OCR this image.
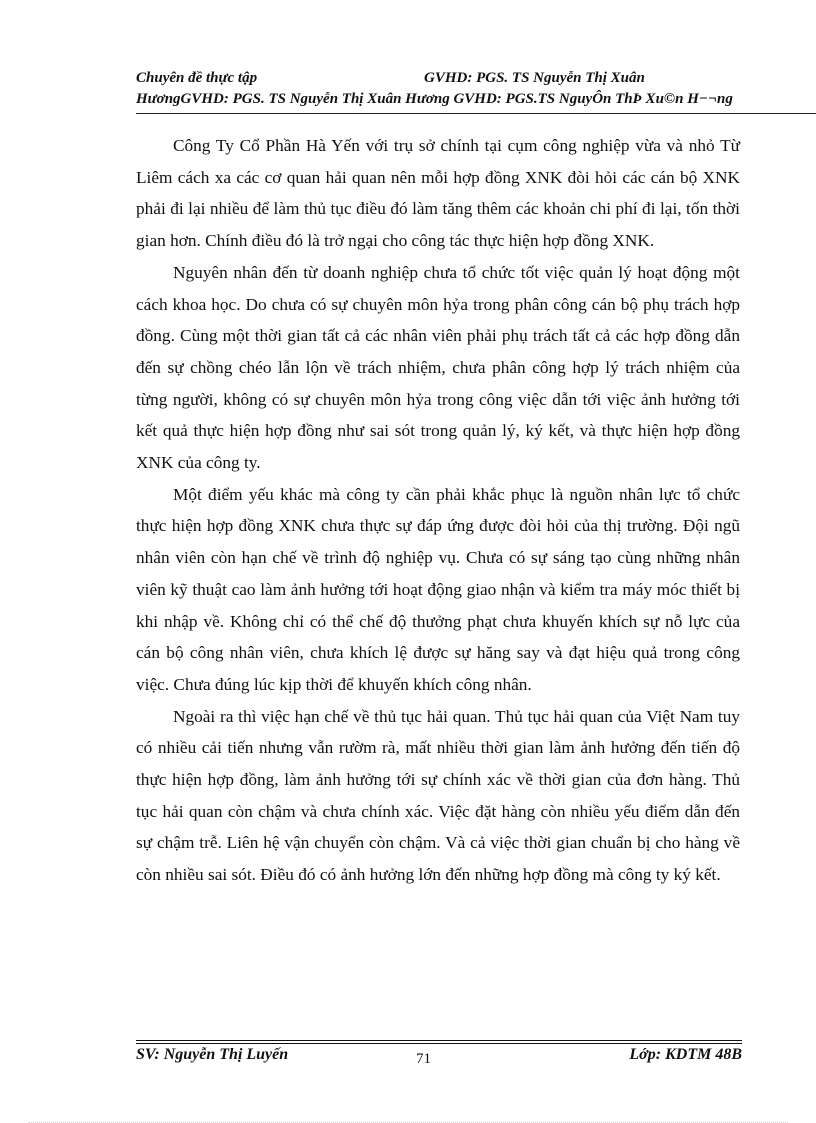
Chuyên đề thực tập	GVHD: PGS. TS Nguyễn Thị Xuân
HươngGVHD: PGS. TS Nguyễn Thị Xuân Hương GVHD: PGS.TS NguyÔn ThÞ Xu©n H−¬ng

Công Ty Cổ Phần Hà Yến với trụ sở chính tại cụm công nghiệp vừa và nhỏ Từ Liêm cách xa các cơ quan hải quan nên mỗi hợp đồng XNK đòi hỏi các cán bộ XNK phải đi lại nhiều để làm thủ tục điều đó làm tăng thêm các khoản chi phí đi lại, tốn thời gian hơn. Chính điều đó là trở ngại cho công tác thực hiện hợp đồng XNK.

Nguyên nhân đến từ doanh nghiệp chưa tổ chức tốt việc quản lý hoạt động một cách khoa học. Do chưa có sự chuyên môn hỷa trong phân công cán bộ phụ trách hợp đồng. Cùng một thời gian tất cả các nhân viên phải phụ trách tất cả các hợp đồng dẫn đến sự chồng chéo lẫn lộn về trách nhiệm, chưa phân công hợp lý trách nhiệm của từng người, không có sự chuyên môn hỷa trong công việc dẫn tới việc ảnh hưởng tới kết quả thực hiện hợp đồng như sai sót trong quản lý, ký kết, và thực hiện hợp đồng XNK của công ty.

Một điểm yếu khác mà công ty cần phải khắc phục là nguồn nhân lực tổ chức thực hiện hợp đồng XNK chưa thực sự đáp ứng được đòi hỏi của thị trường. Đội ngũ nhân viên còn hạn chế về trình độ nghiệp vụ. Chưa có sự sáng tạo cùng những nhân viên kỹ thuật cao làm ảnh hưởng tới hoạt động giao nhận và kiểm tra máy móc thiết bị khi nhập về. Không chỉ có thể chế độ thưởng phạt chưa khuyến khích sự nỗ lực của cán bộ công nhân viên, chưa khích lệ được sự hăng say và đạt hiệu quả trong công việc. Chưa đúng lúc kịp thời để khuyến khích công nhân.

Ngoài ra thì việc hạn chế về thủ tục hải quan. Thủ tục hải quan của Việt Nam tuy có nhiều cải tiến nhưng vẫn rườm rà, mất nhiều thời gian làm ảnh hưởng đến tiến độ thực hiện hợp đồng, làm ảnh hưởng tới sự chính xác về thời gian của đơn hàng. Thủ tục hải quan còn chậm và chưa chính xác. Việc đặt hàng còn nhiều yếu điểm dẫn đến sự chậm trễ. Liên hệ vận chuyển còn chậm. Và cả việc thời gian chuẩn bị cho hàng về còn nhiều sai sót. Điều đó có ảnh hưởng lớn đến những hợp đồng mà công ty ký kết.

SV: Nguyễn Thị Luyến	71	Lớp: KDTM 48B
